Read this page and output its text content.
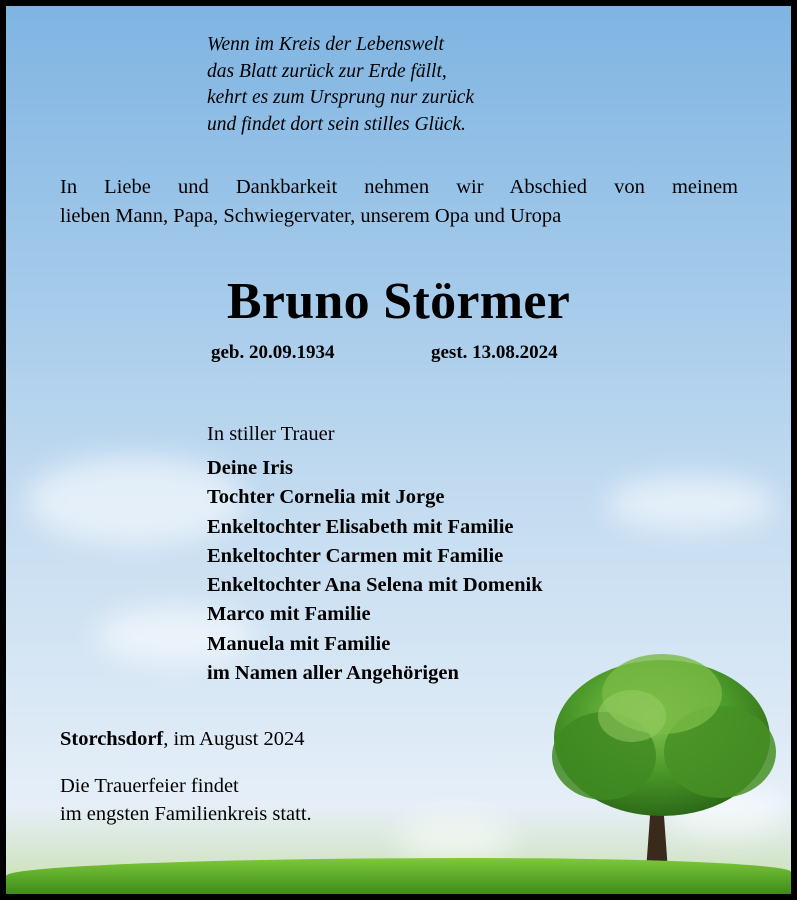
Wenn im Kreis der Lebenswelt
das Blatt zurück zur Erde fällt,
kehrt es zum Ursprung nur zurück
und findet dort sein stilles Glück.
In Liebe und Dankbarkeit nehmen wir Abschied von meinem
lieben Mann, Papa, Schwiegervater, unserem Opa und Uropa
Bruno Störmer
geb. 20.09.1934	gest. 13.08.2024
In stiller Trauer
Deine Iris
Tochter Cornelia mit Jorge
Enkeltochter Elisabeth mit Familie
Enkeltochter Carmen mit Familie
Enkeltochter Ana Selena mit Domenik
Marco mit Familie
Manuela mit Familie
im Namen aller Angehörigen
Storchsdorf, im August 2024
Die Trauerfeier findet
im engsten Familienkreis statt.
